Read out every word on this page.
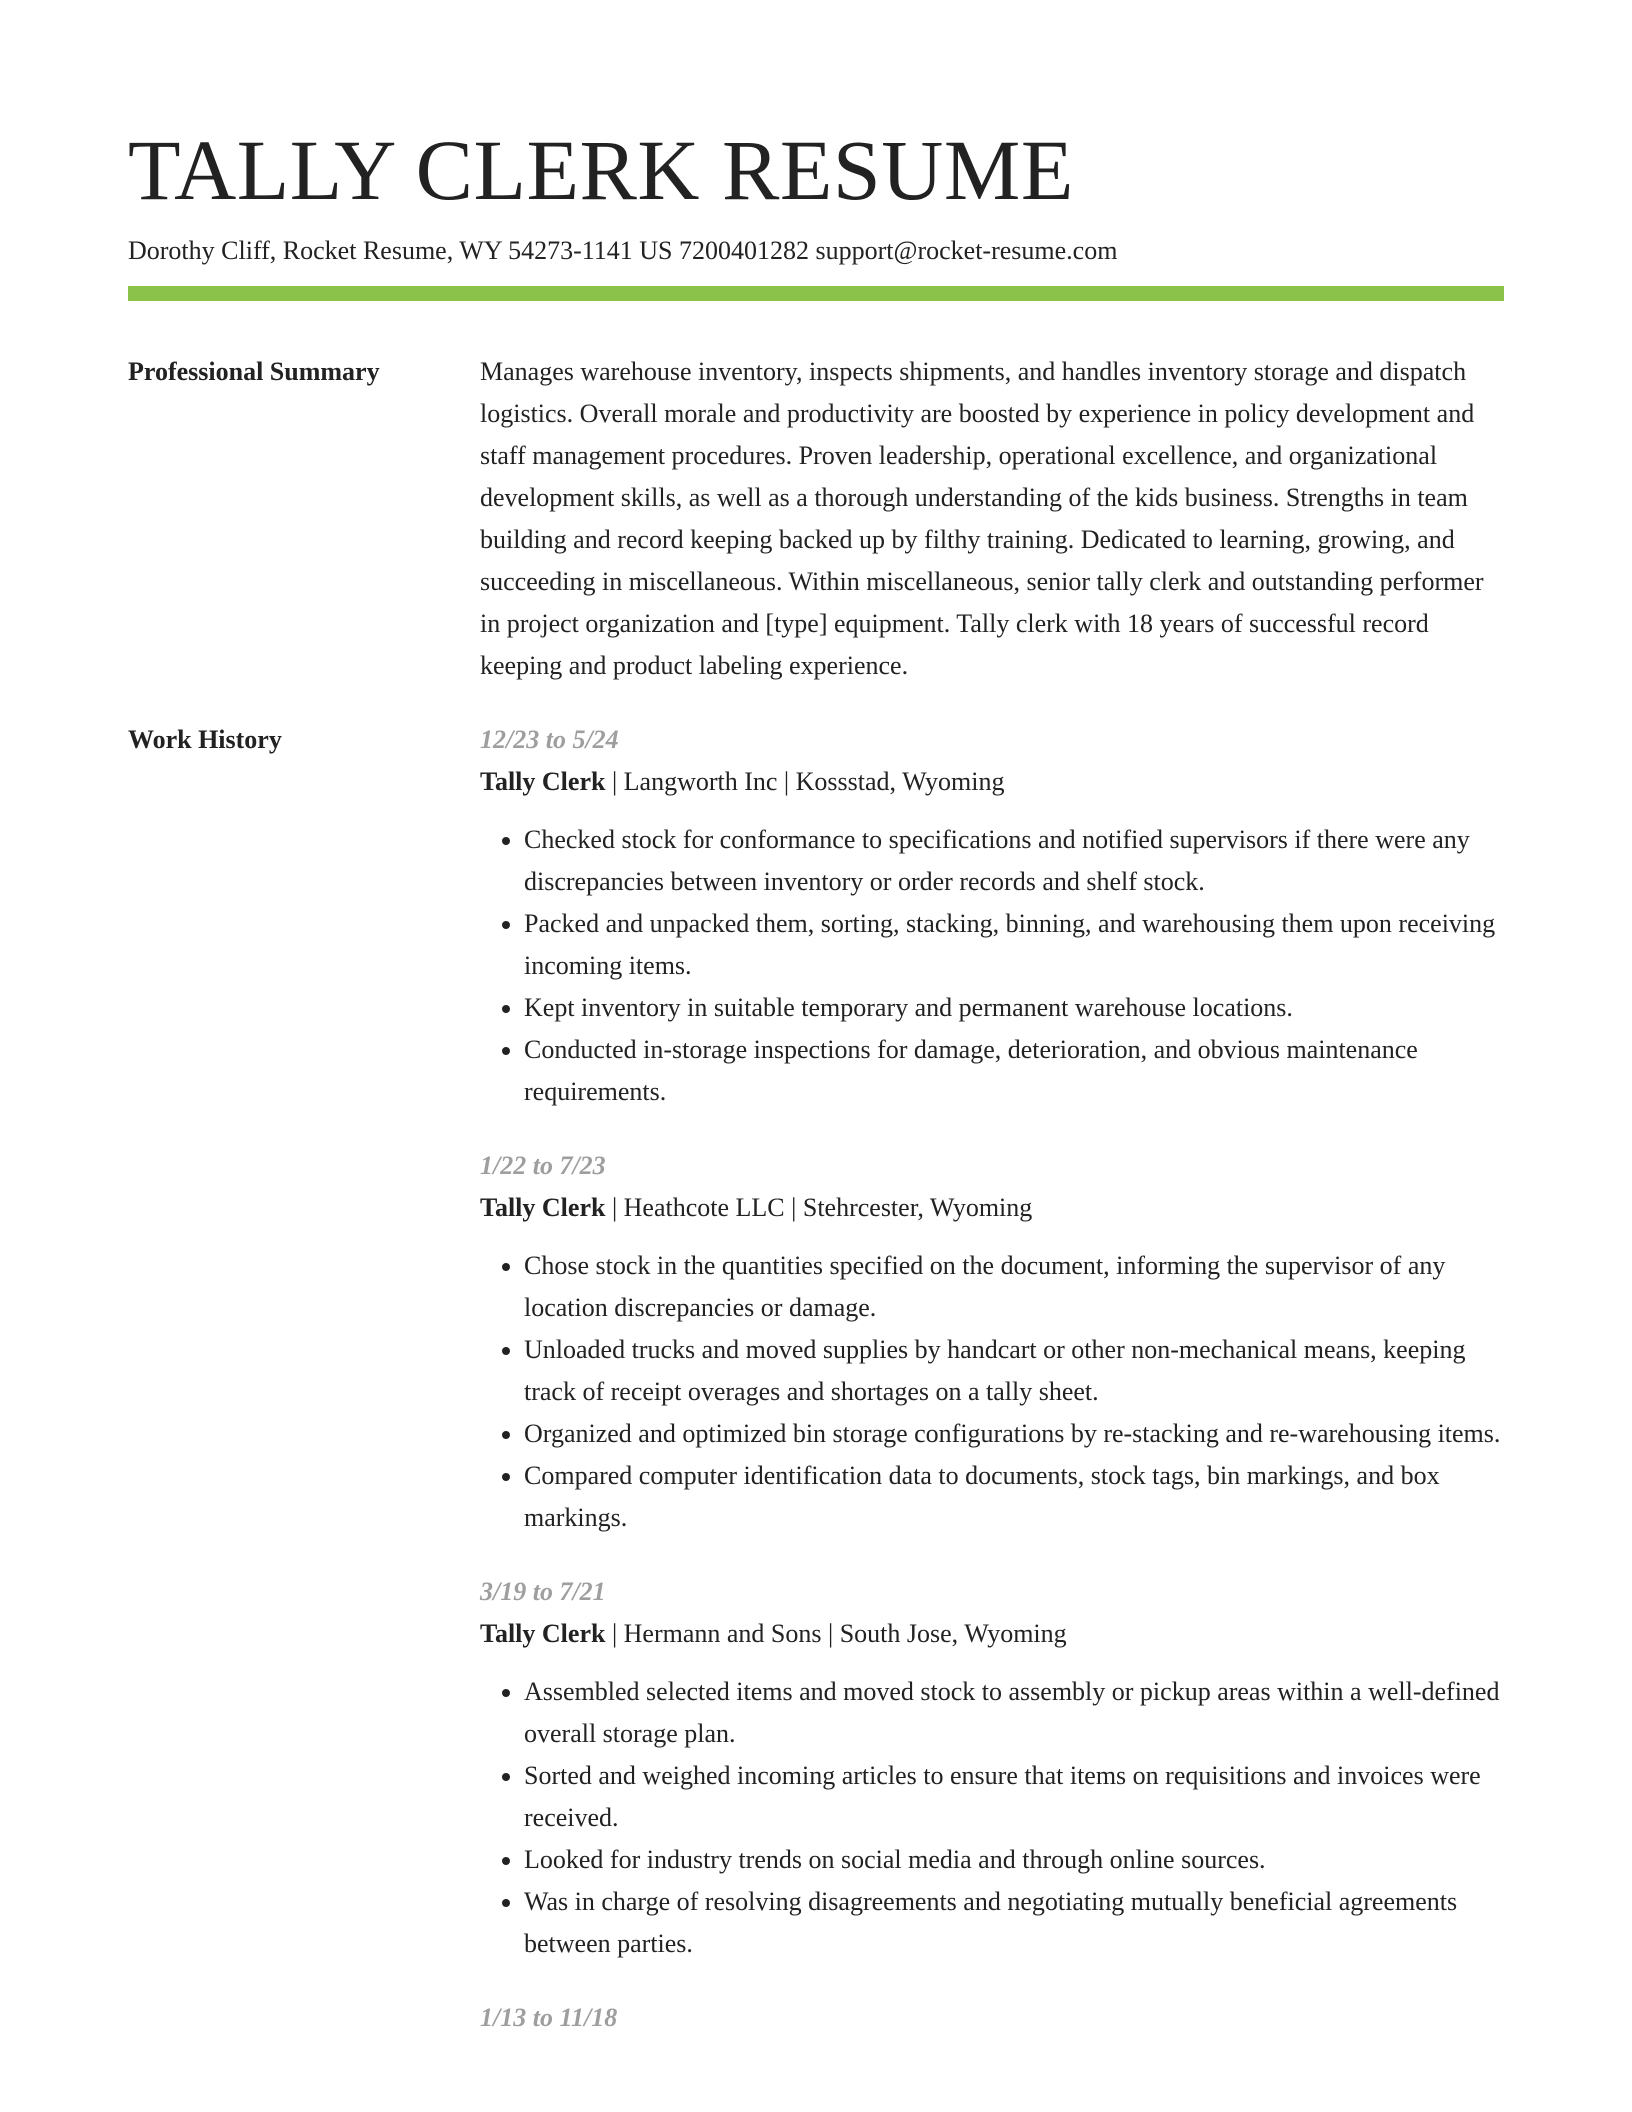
TALLY CLERK RESUME
Dorothy Cliff, Rocket Resume, WY 54273-1141 US 7200401282 support@rocket-resume.com
Professional Summary	Manages warehouse inventory, inspects shipments, and handles inventory storage and dispatch logistics. Overall morale and productivity are boosted by experience in policy development and staff management procedures. Proven leadership, operational excellence, and organizational development skills, as well as a thorough understanding of the kids business. Strengths in team building and record keeping backed up by filthy training. Dedicated to learning, growing, and succeeding in miscellaneous. Within miscellaneous, senior tally clerk and outstanding performer in project organization and [type] equipment. Tally clerk with 18 years of successful record keeping and product labeling experience.
Work History	12/23 to 5/24
Tally Clerk | Langworth Inc | Kossstad, Wyoming
• Checked stock for conformance to specifications and notified supervisors if there were any discrepancies between inventory or order records and shelf stock.
• Packed and unpacked them, sorting, stacking, binning, and warehousing them upon receiving incoming items.
• Kept inventory in suitable temporary and permanent warehouse locations.
• Conducted in-storage inspections for damage, deterioration, and obvious maintenance requirements.
1/22 to 7/23
Tally Clerk | Heathcote LLC | Stehrcester, Wyoming
• Chose stock in the quantities specified on the document, informing the supervisor of any location discrepancies or damage.
• Unloaded trucks and moved supplies by handcart or other non-mechanical means, keeping track of receipt overages and shortages on a tally sheet.
• Organized and optimized bin storage configurations by re-stacking and re-warehousing items.
• Compared computer identification data to documents, stock tags, bin markings, and box markings.
3/19 to 7/21
Tally Clerk | Hermann and Sons | South Jose, Wyoming
• Assembled selected items and moved stock to assembly or pickup areas within a well-defined overall storage plan.
• Sorted and weighed incoming articles to ensure that items on requisitions and invoices were received.
• Looked for industry trends on social media and through online sources.
• Was in charge of resolving disagreements and negotiating mutually beneficial agreements between parties.
1/13 to 11/18
